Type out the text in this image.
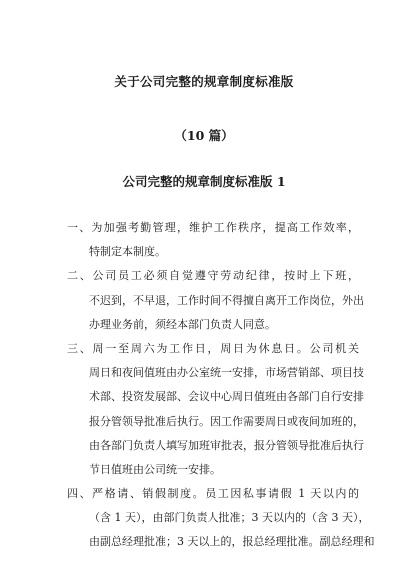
关于公司完整的规章制度标准版
（10 篇）
公司完整的规章制度标准版 1
一、为加强考勤管理，维护工作秩序，提高工作效率，
特制定本制度。
二、公司员工必须自觉遵守劳动纪律，按时上下班，
不迟到，不早退，工作时间不得擅自离开工作岗位，外出
办理业务前，须经本部门负责人同意。
三、周一至周六为工作日，周日为休息日。公司机关
周日和夜间值班由办公室统一安排，市场营销部、项目技
术部、投资发展部、会议中心周日值班由各部门自行安排
报分管领导批准后执行。因工作需要周日或夜间加班的，
由各部门负责人填写加班审批表，报分管领导批准后执行
节日值班由公司统一安排。
四、严格请、销假制度。员工因私事请假 1 天以内的
（含 1 天），由部门负责人批准；3 天以内的（含 3 天），
由副总经理批准；3 天以上的，报总经理批准。副总经理和
